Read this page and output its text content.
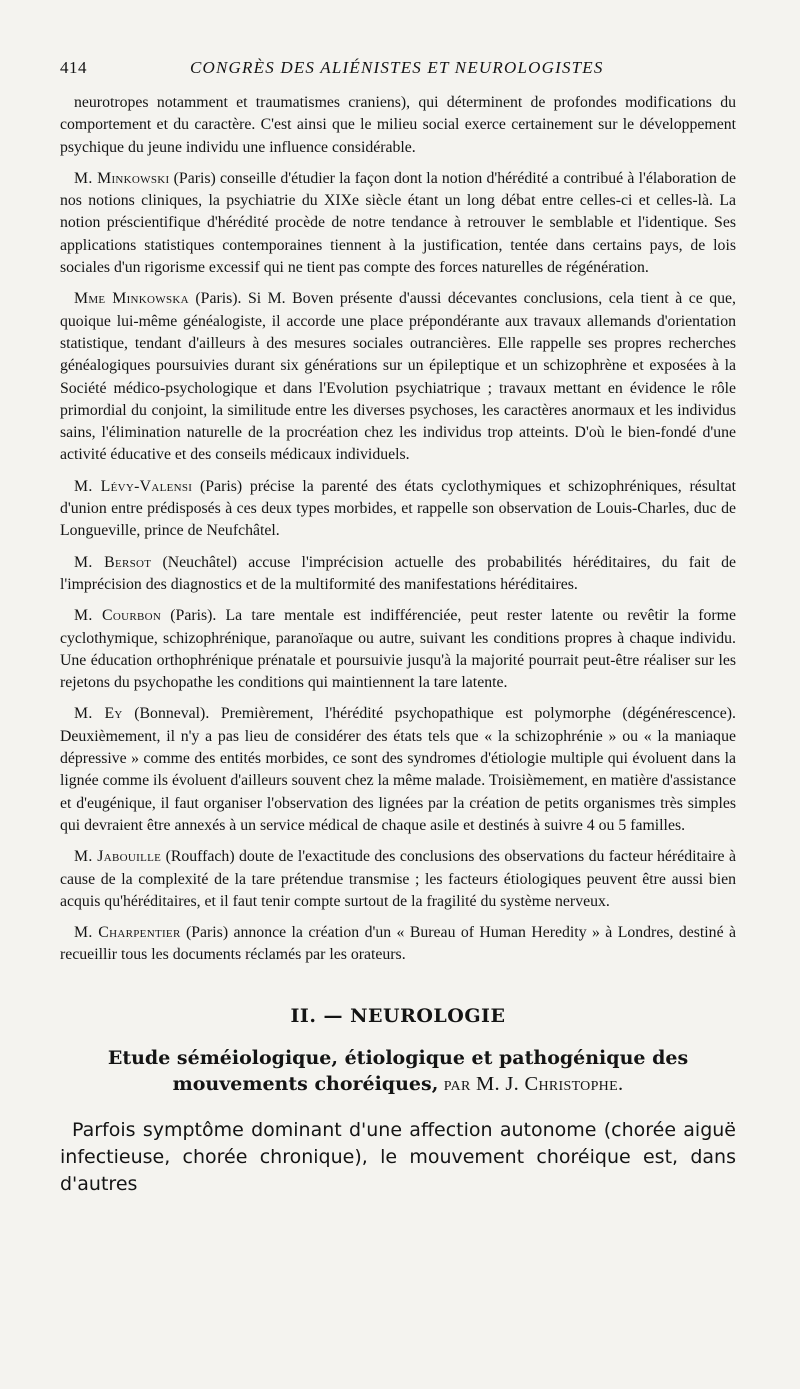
414	CONGRÈS DES ALIÉNISTES ET NEUROLOGISTES

neurotropes notamment et traumatismes craniens), qui déterminent de profondes modifications du comportement et du caractère. C'est ainsi que le milieu social exerce certainement sur le développement psychique du jeune individu une influence considérable.

M. Minkowski (Paris) conseille d'étudier la façon dont la notion d'hérédité a contribué à l'élaboration de nos notions cliniques, la psychiatrie du XIXe siècle étant un long débat entre celles-ci et celles-là. La notion préscientifique d'hérédité procède de notre tendance à retrouver le semblable et l'identique. Ses applications statistiques contemporaines tiennent à la justification, tentée dans certains pays, de lois sociales d'un rigorisme excessif qui ne tient pas compte des forces naturelles de régénération.

Mme Minkowska (Paris). Si M. Boven présente d'aussi décevantes conclusions, cela tient à ce que, quoique lui-même généalogiste, il accorde une place prépondérante aux travaux allemands d'orientation statistique, tendant d'ailleurs à des mesures sociales outrancières. Elle rappelle ses propres recherches généalogiques poursuivies durant six générations sur un épileptique et un schizophrène et exposées à la Société médico-psychologique et dans l'Evolution psychiatrique ; travaux mettant en évidence le rôle primordial du conjoint, la similitude entre les diverses psychoses, les caractères anormaux et les individus sains, l'élimination naturelle de la procréation chez les individus trop atteints. D'où le bien-fondé d'une activité éducative et des conseils médicaux individuels.

M. Lévy-Valensi (Paris) précise la parenté des états cyclothymiques et schizophréniques, résultat d'union entre prédisposés à ces deux types morbides, et rappelle son observation de Louis-Charles, duc de Longueville, prince de Neufchâtel.

M. Bersot (Neuchâtel) accuse l'imprécision actuelle des probabilités héréditaires, du fait de l'imprécision des diagnostics et de la multiformité des manifestations héréditaires.

M. Courbon (Paris). La tare mentale est indifférenciée, peut rester latente ou revêtir la forme cyclothymique, schizophrénique, paranoïaque ou autre, suivant les conditions propres à chaque individu. Une éducation orthophrénique prénatale et poursuivie jusqu'à la majorité pourrait peut-être réaliser sur les rejetons du psychopathe les conditions qui maintiennent la tare latente.

M. Ey (Bonneval). Premièrement, l'hérédité psychopathique est polymorphe (dégénérescence). Deuxièmement, il n'y a pas lieu de considérer des états tels que « la schizophrénie » ou « la maniaque dépressive » comme des entités morbides, ce sont des syndromes d'étiologie multiple qui évoluent dans la lignée comme ils évoluent d'ailleurs souvent chez la même malade. Troisièmement, en matière d'assistance et d'eugénique, il faut organiser l'observation des lignées par la création de petits organismes très simples qui devraient être annexés à un service médical de chaque asile et destinés à suivre 4 ou 5 familles.

M. Jabouille (Rouffach) doute de l'exactitude des conclusions des observations du facteur héréditaire à cause de la complexité de la tare prétendue transmise ; les facteurs étiologiques peuvent être aussi bien acquis qu'héréditaires, et il faut tenir compte surtout de la fragilité du système nerveux.

M. Charpentier (Paris) annonce la création d'un « Bureau of Human Heredity » à Londres, destiné à recueillir tous les documents réclamés par les orateurs.

II. — NEUROLOGIE
Etude séméiologique, étiologique et pathogénique des mouvements choréiques, par M. J. Christophe.

Parfois symptôme dominant d'une affection autonome (chorée aiguë infectieuse, chorée chronique), le mouvement choréique est, dans d'autres
